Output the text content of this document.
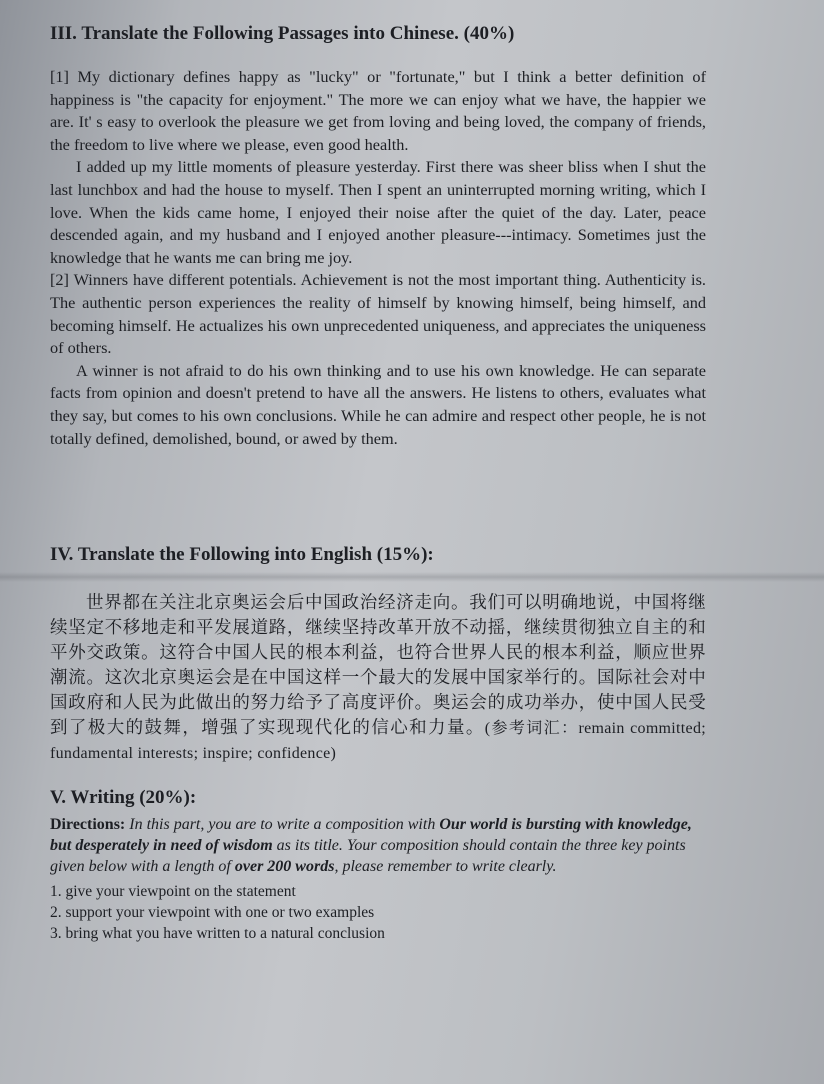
III. Translate the Following Passages into Chinese. (40%)

[1] My dictionary defines happy as "lucky" or "fortunate," but I think a better definition of happiness is "the capacity for enjoyment." The more we can enjoy what we have, the happier we are. It' s easy to overlook the pleasure we get from loving and being loved, the company of friends, the freedom to live where we please, even good health.

I added up my little moments of pleasure yesterday. First there was sheer bliss when I shut the last lunchbox and had the house to myself. Then I spent an uninterrupted morning writing, which I love. When the kids came home, I enjoyed their noise after the quiet of the day. Later, peace descended again, and my husband and I enjoyed another pleasure---intimacy. Sometimes just the knowledge that he wants me can bring me joy.

[2] Winners have different potentials. Achievement is not the most important thing. Authenticity is. The authentic person experiences the reality of himself by knowing himself, being himself, and becoming himself. He actualizes his own unprecedented uniqueness, and appreciates the uniqueness of others.

A winner is not afraid to do his own thinking and to use his own knowledge. He can separate facts from opinion and doesn't pretend to have all the answers. He listens to others, evaluates what they say, but comes to his own conclusions. While he can admire and respect other people, he is not totally defined, demolished, bound, or awed by them.

IV. Translate the Following into English (15%):

世界都在关注北京奥运会后中国政治经济走向。我们可以明确地说，中国将继续坚定不移地走和平发展道路，继续坚持改革开放不动摇，继续贯彻独立自主的和平外交政策。这符合中国人民的根本利益，也符合世界人民的根本利益，顺应世界潮流。这次北京奥运会是在中国这样一个最大的发展中国家举行的。国际社会对中国政府和人民为此做出的努力给予了高度评价。奥运会的成功举办，使中国人民受到了极大的鼓舞，增强了实现现代化的信心和力量。(参考词汇：remain committed; fundamental interests; inspire; confidence)

V. Writing (20%):

Directions: In this part, you are to write a composition with Our world is bursting with knowledge, but desperately in need of wisdom as its title. Your composition should contain the three key points given below with a length of over 200 words, please remember to write clearly.

1. give your viewpoint on the statement
2. support your viewpoint with one or two examples
3. bring what you have written to a natural conclusion
